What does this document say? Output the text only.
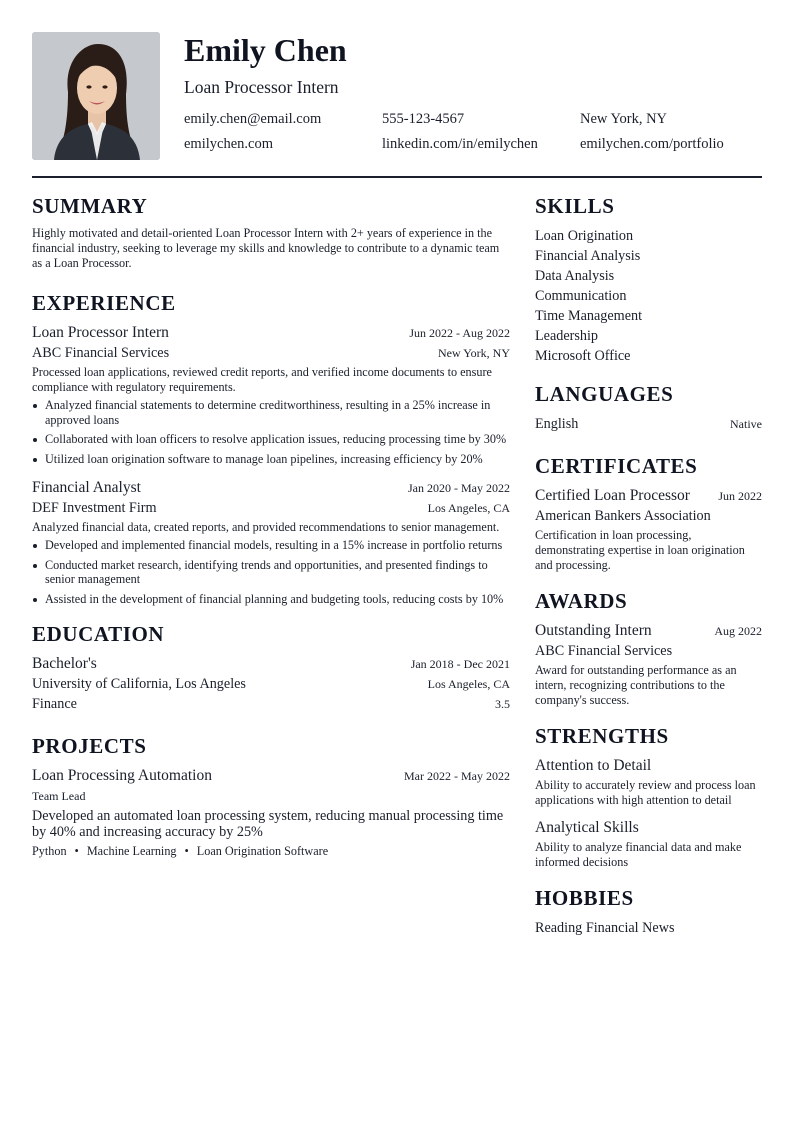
Emily Chen
Loan Processor Intern
emily.chen@email.com	555-123-4567	New York, NY
emilychen.com	linkedin.com/in/emilychen	emilychen.com/portfolio
SUMMARY
Highly motivated and detail-oriented Loan Processor Intern with 2+ years of experience in the financial industry, seeking to leverage my skills and knowledge to contribute to a dynamic team as a Loan Processor.
EXPERIENCE
Loan Processor Intern	Jun 2022 - Aug 2022
ABC Financial Services	New York, NY
Processed loan applications, reviewed credit reports, and verified income documents to ensure compliance with regulatory requirements.
Analyzed financial statements to determine creditworthiness, resulting in a 25% increase in approved loans
Collaborated with loan officers to resolve application issues, reducing processing time by 30%
Utilized loan origination software to manage loan pipelines, increasing efficiency by 20%
Financial Analyst	Jan 2020 - May 2022
DEF Investment Firm	Los Angeles, CA
Analyzed financial data, created reports, and provided recommendations to senior management.
Developed and implemented financial models, resulting in a 15% increase in portfolio returns
Conducted market research, identifying trends and opportunities, and presented findings to senior management
Assisted in the development of financial planning and budgeting tools, reducing costs by 10%
EDUCATION
Bachelor's	Jan 2018 - Dec 2021
University of California, Los Angeles	Los Angeles, CA
Finance	3.5
PROJECTS
Loan Processing Automation	Mar 2022 - May 2022
Team Lead
Developed an automated loan processing system, reducing manual processing time by 40% and increasing accuracy by 25%
Python • Machine Learning • Loan Origination Software
SKILLS
Loan Origination
Financial Analysis
Data Analysis
Communication
Time Management
Leadership
Microsoft Office
LANGUAGES
English	Native
CERTIFICATES
Certified Loan Processor Jun 2022
American Bankers Association
Certification in loan processing, demonstrating expertise in loan origination and processing.
AWARDS
Outstanding Intern	Aug 2022
ABC Financial Services
Award for outstanding performance as an intern, recognizing contributions to the company's success.
STRENGTHS
Attention to Detail
Ability to accurately review and process loan applications with high attention to detail
Analytical Skills
Ability to analyze financial data and make informed decisions
HOBBIES
Reading Financial News
